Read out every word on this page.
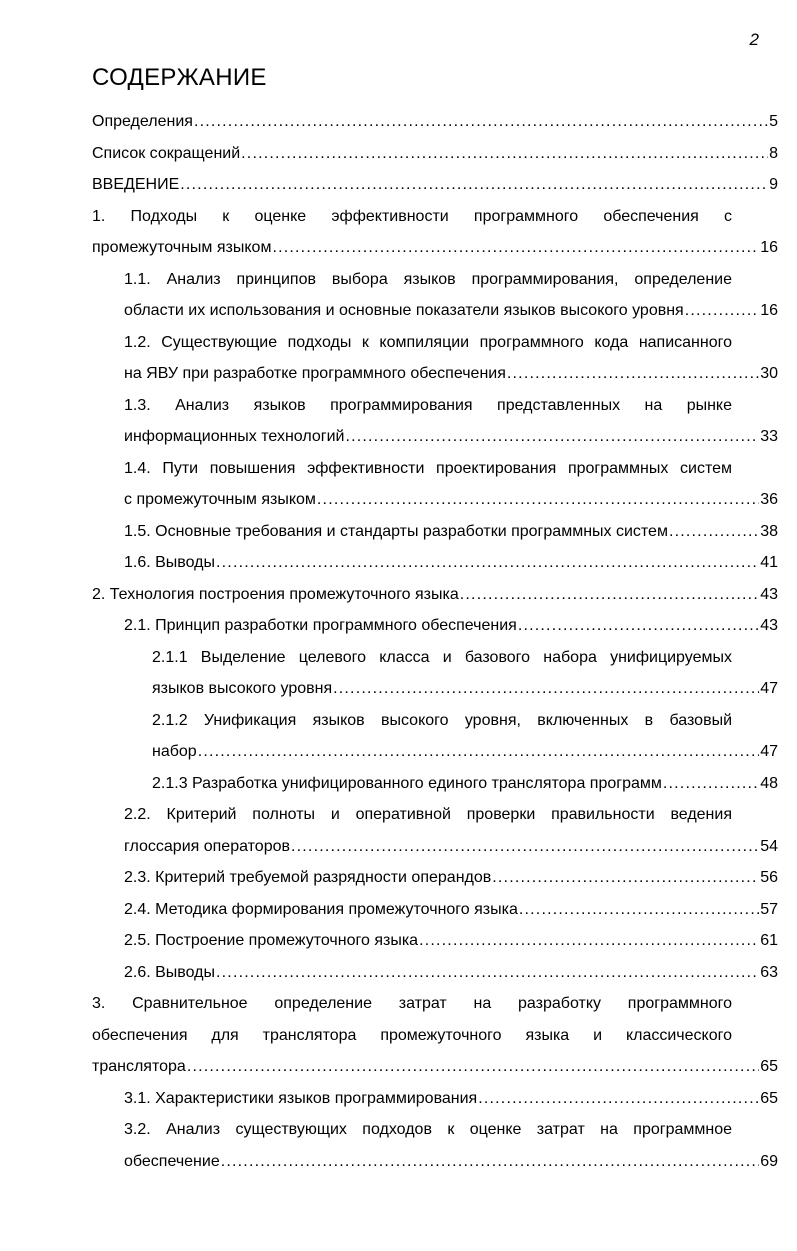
2
СОДЕРЖАНИЕ
Определения .....	5
Список сокращений .....	8
ВВЕДЕНИЕ .....	9
1. Подходы к оценке эффективности программного обеспечения с
промежуточным языком .....	16
1.1. Анализ принципов выбора языков программирования, определение
области их использования и основные показатели языков высокого уровня .....	16
1.2. Существующие подходы к компиляции программного кода написанного
на ЯВУ при разработке программного обеспечения .....	30
1.3. Анализ языков программирования представленных на рынке
информационных технологий .....	33
1.4. Пути повышения эффективности проектирования программных систем
с промежуточным языком .....	36
1.5. Основные требования и стандарты разработки программных систем .....	38
1.6. Выводы .....	41
2. Технология построения промежуточного языка .....	43
2.1. Принцип разработки программного обеспечения .....	43
2.1.1 Выделение целевого класса и базового набора унифицируемых
языков высокого уровня .....	47
2.1.2 Унификация языков высокого уровня, включенных в базовый
набор .....	47
2.1.3 Разработка унифицированного единого транслятора программ .....	48
2.2. Критерий полноты и оперативной проверки правильности ведения
глоссария операторов .....	54
2.3. Критерий требуемой разрядности операндов .....	56
2.4. Методика формирования промежуточного языка .....	57
2.5. Построение промежуточного языка .....	61
2.6. Выводы .....	63
3. Сравнительное определение затрат на разработку программного
обеспечения для транслятора промежуточного языка и классического
транслятора .....	65
3.1. Характеристики языков программирования .....	65
3.2. Анализ существующих подходов к оценке затрат на программное
обеспечение .....	69
